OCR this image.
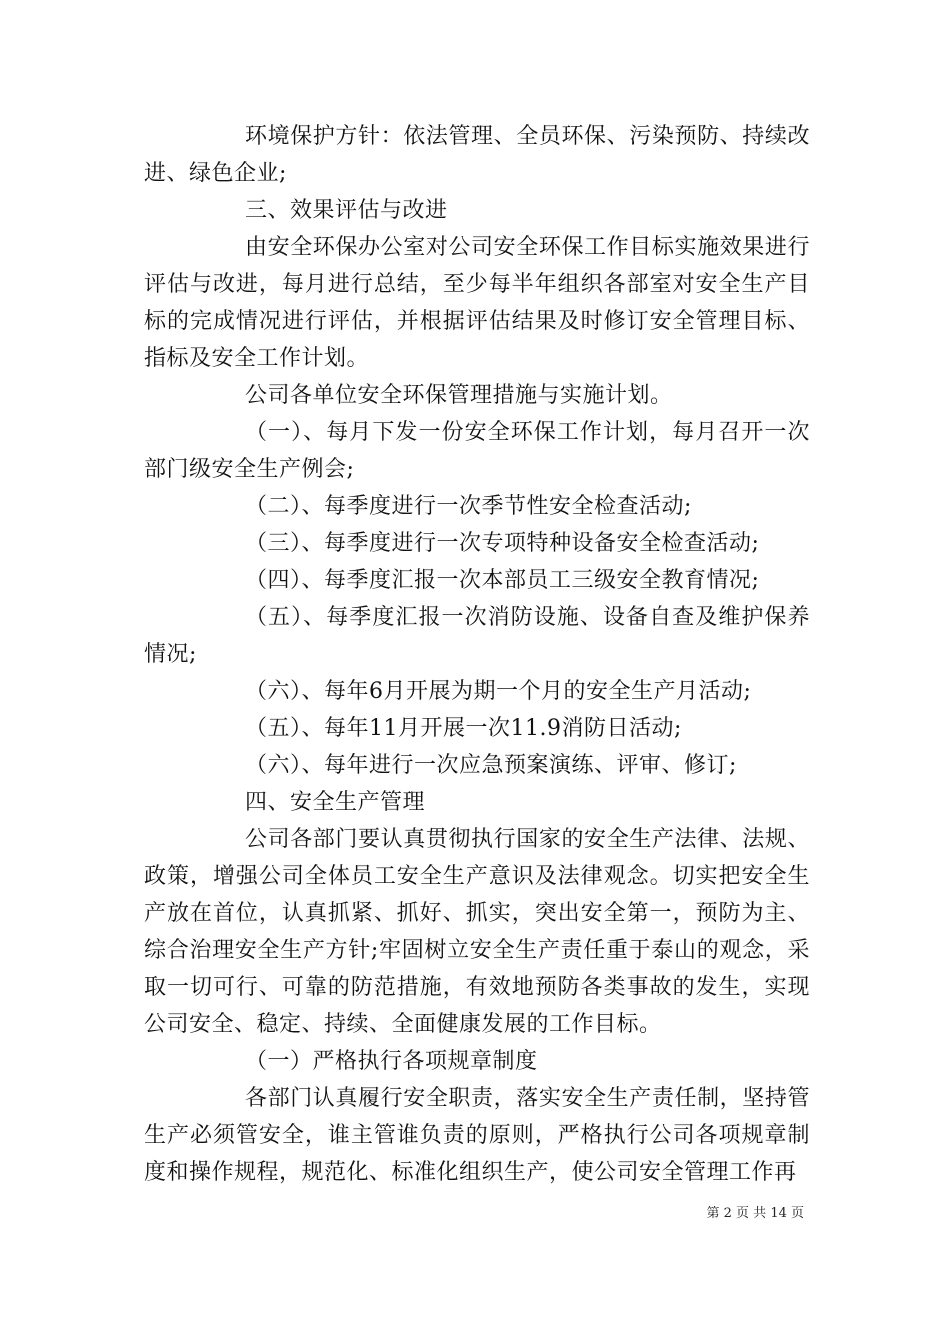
环境保护方针：依法管理、全员环保、污染预防、持续改进、绿色企业;

三、效果评估与改进

由安全环保办公室对公司安全环保工作目标实施效果进行评估与改进，每月进行总结，至少每半年组织各部室对安全生产目标的完成情况进行评估，并根据评估结果及时修订安全管理目标、指标及安全工作计划。

公司各单位安全环保管理措施与实施计划。

（一）、每月下发一份安全环保工作计划，每月召开一次部门级安全生产例会;

（二）、每季度进行一次季节性安全检查活动;

（三）、每季度进行一次专项特种设备安全检查活动;

（四）、每季度汇报一次本部员工三级安全教育情况;

（五）、每季度汇报一次消防设施、设备自查及维护保养情况;

（六）、每年6月开展为期一个月的安全生产月活动;

（五）、每年11月开展一次11.9消防日活动;

（六）、每年进行一次应急预案演练、评审、修订;

四、安全生产管理

公司各部门要认真贯彻执行国家的安全生产法律、法规、政策，增强公司全体员工安全生产意识及法律观念。切实把安全生产放在首位，认真抓紧、抓好、抓实，突出安全第一，预防为主、综合治理安全生产方针;牢固树立安全生产责任重于泰山的观念，采取一切可行、可靠的防范措施，有效地预防各类事故的发生，实现公司安全、稳定、持续、全面健康发展的工作目标。

（一）严格执行各项规章制度

各部门认真履行安全职责，落实安全生产责任制，坚持管生产必须管安全，谁主管谁负责的原则，严格执行公司各项规章制度和操作规程，规范化、标准化组织生产，使公司安全管理工作再

第 2 页 共 14 页
